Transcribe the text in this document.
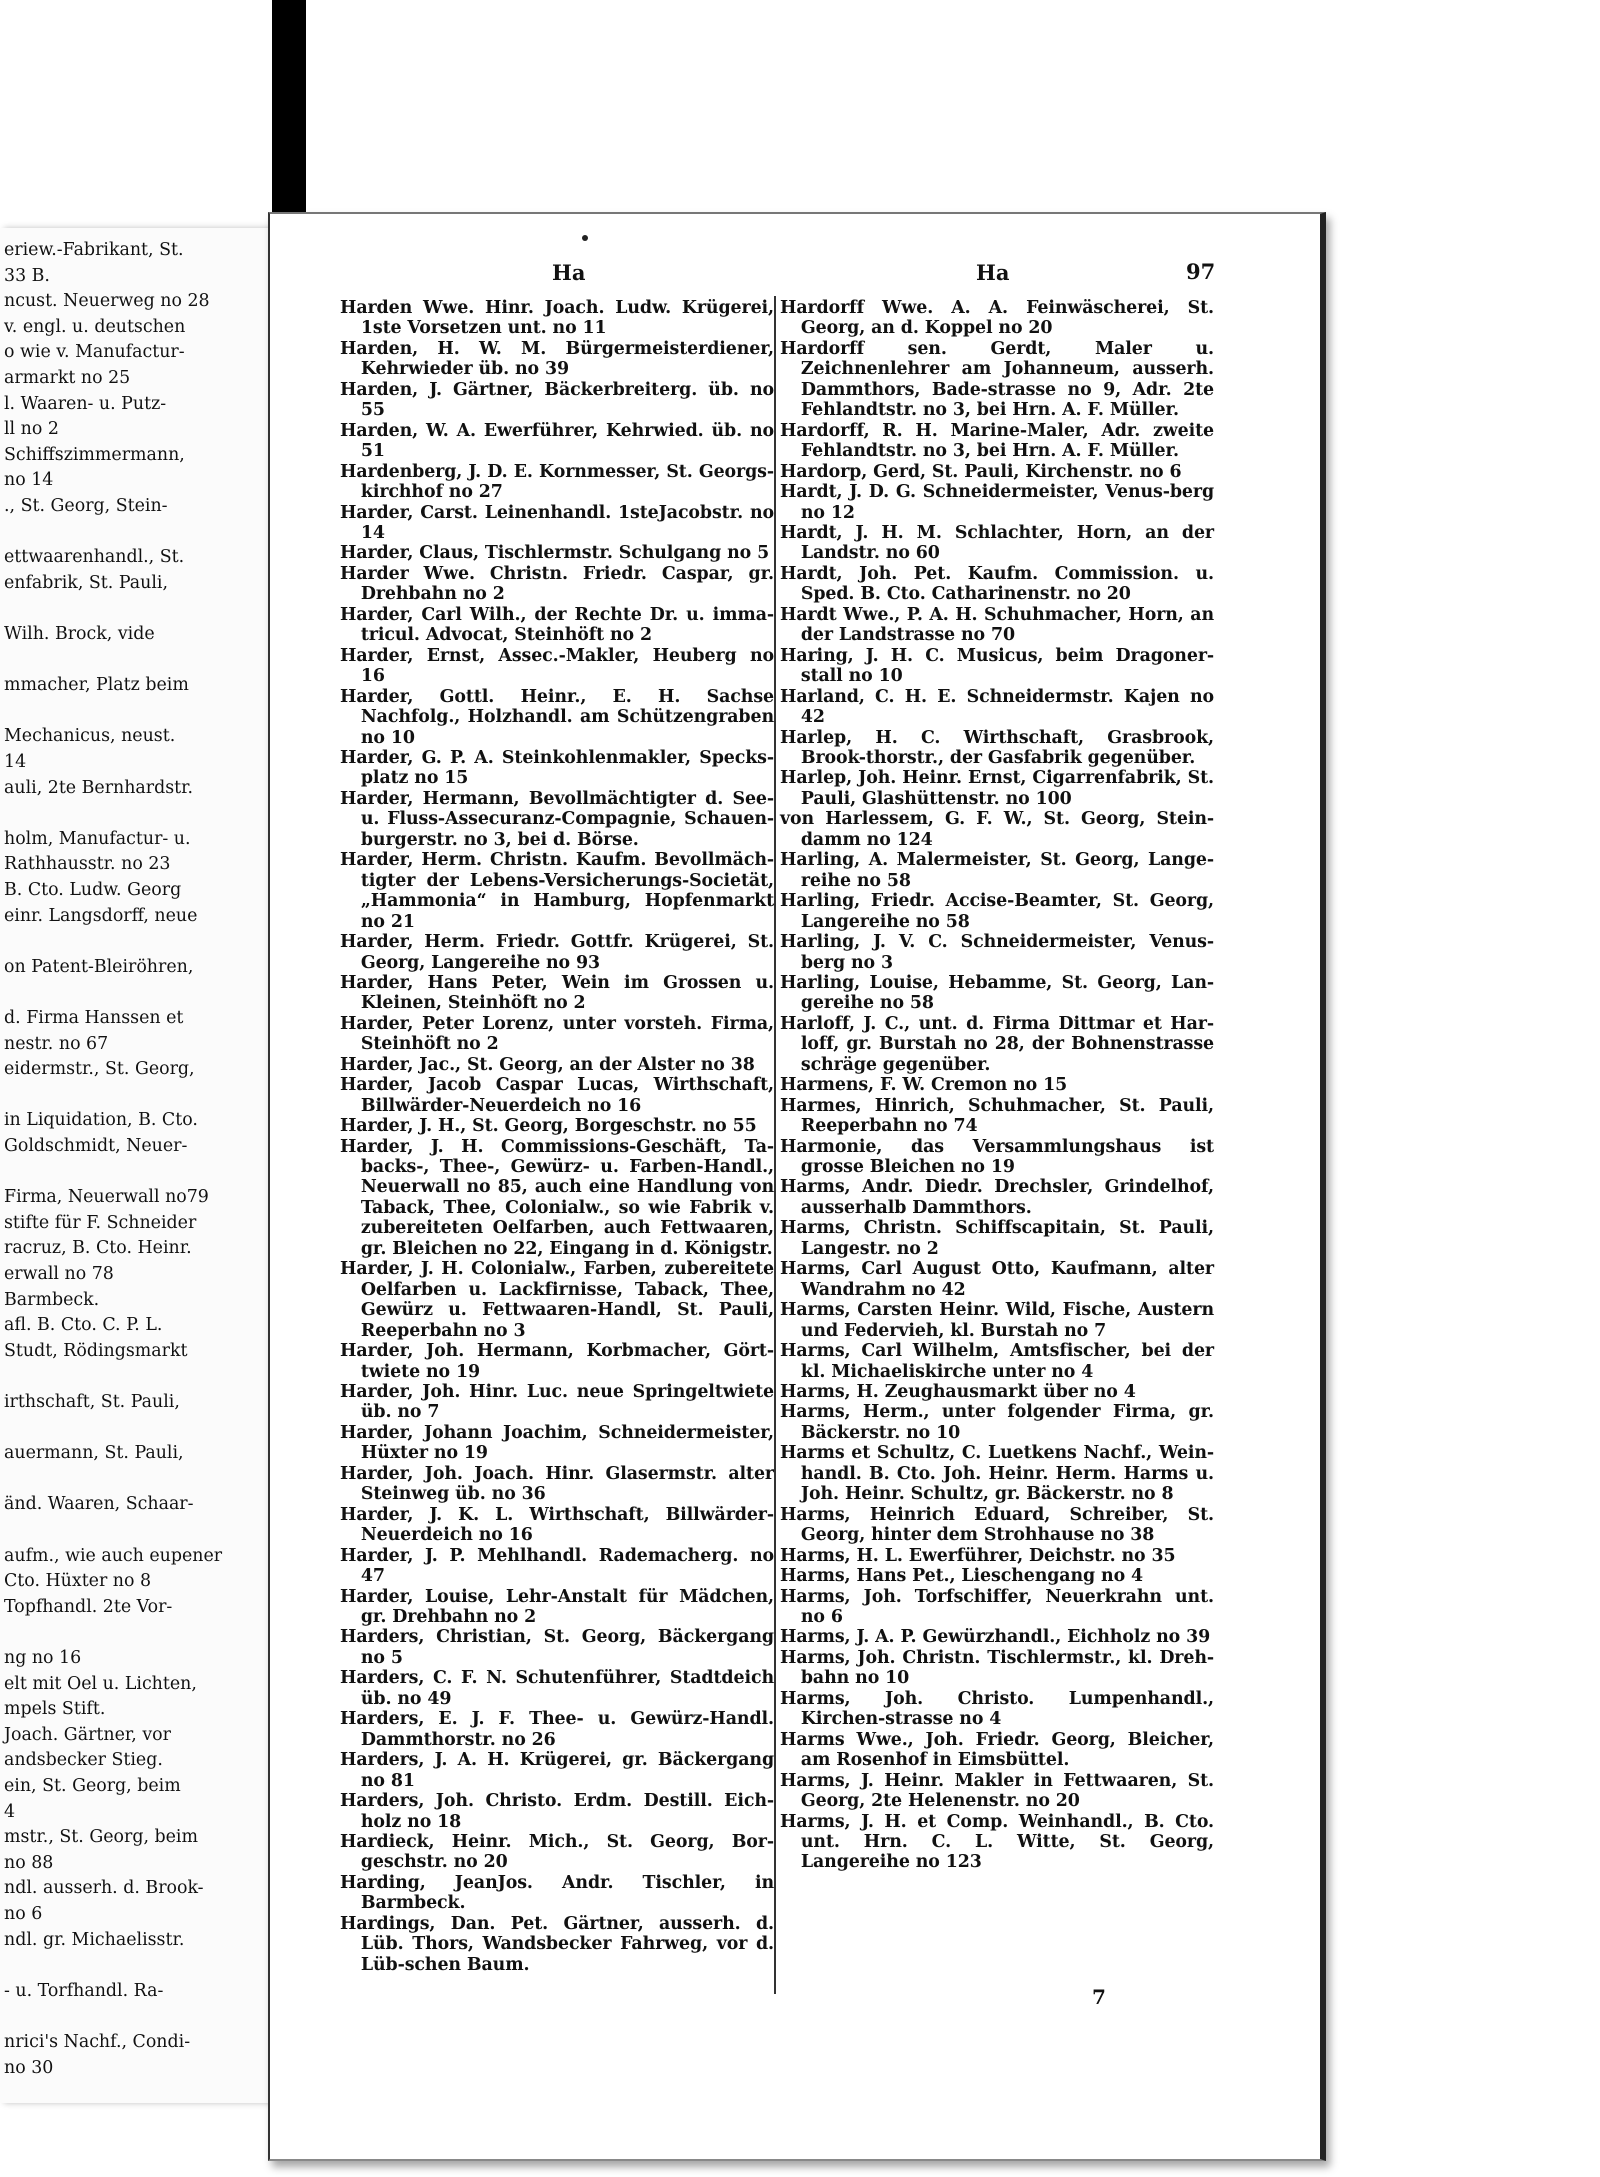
eriew.-Fabrikant, St.
33 B.
ncust. Neuerweg no 28
v. engl. u. deutschen
o wie v. Manufactur-
armarkt no 25
l. Waaren- u. Putz-
ll no 2
Schiffszimmermann,
no 14
., St. Georg, Stein-
ettwaarenhandl., St.
enfabrik, St. Pauli,
Wilh. Brock, vide
mmacher, Platz beim
Mechanicus, neust.
14
auli, 2te Bernhardstr.
holm, Manufactur- u.
Rathhausstr. no 23
B. Cto. Ludw. Georg
einr. Langsdorff, neue
on Patent-Bleiröhren,
d. Firma Hanssen et
nestr. no 67
eidermstr., St. Georg,
in Liquidation, B. Cto.
Goldschmidt, Neuer-
Firma, Neuerwall no79
stifte für F. Schneider
racruz, B. Cto. Heinr.
erwall no 78
Barmbeck.
afl. B. Cto. C. P. L.
Studt, Rödingsmarkt
irthschaft, St. Pauli,
auermann, St. Pauli,
änd. Waaren, Schaar-
aufm., wie auch eupener
Cto. Hüxter no 8
Topfhandl. 2te Vor-
ng no 16
elt mit Oel u. Lichten,
mpels Stift.
Joach. Gärtner, vor
andsbecker Stieg.
ein, St. Georg, beim
4
mstr., St. Georg, beim
no 88
ndl. ausserh. d. Brook-
no 6
ndl. gr. Michaelisstr.
- u. Torfhandl. Ra-
nrici's Nachf., Condi-
no 30
Ha	Ha	97

Harden Wwe. Hinr. Joach. Ludw. Krügerei, 1ste Vorsetzen unt. no 11

Harden, H. W. M. Bürgermeisterdiener, Kehrwieder üb. no 39

Harden, J. Gärtner, Bäckerbreiterg. üb. no 55

Harden, W. A. Ewerführer, Kehrwied. üb. no 51

Hardenberg, J. D. E. Kornmesser, St. Georgs-kirchhof no 27

Harder, Carst. Leinenhandl. 1steJacobstr. no 14

Harder, Claus, Tischlermstr. Schulgang no 5

Harder Wwe. Christn. Friedr. Caspar, gr. Drehbahn no 2

Harder, Carl Wilh., der Rechte Dr. u. imma-tricul. Advocat, Steinhöft no 2

Harder, Ernst, Assec.-Makler, Heuberg no 16

Harder, Gottl. Heinr., E. H. Sachse Nachfolg., Holzhandl. am Schützengraben no 10

Harder, G. P. A. Steinkohlenmakler, Specks-platz no 15

Harder, Hermann, Bevollmächtigter d. See-u. Fluss-Assecuranz-Compagnie, Schauen-burgerstr. no 3, bei d. Börse.

Harder, Herm. Christn. Kaufm. Bevollmäch-tigter der Lebens-Versicherungs-Societät, „Hammonia“ in Hamburg, Hopfenmarkt no 21

Harder, Herm. Friedr. Gottfr. Krügerei, St. Georg, Langereihe no 93

Harder, Hans Peter, Wein im Grossen u. Kleinen, Steinhöft no 2

Harder, Peter Lorenz, unter vorsteh. Firma, Steinhöft no 2

Harder, Jac., St. Georg, an der Alster no 38

Harder, Jacob Caspar Lucas, Wirthschaft, Billwärder-Neuerdeich no 16

Harder, J. H., St. Georg, Borgeschstr. no 55

Harder, J. H. Commissions-Geschäft, Ta-backs-, Thee-, Gewürz- u. Farben-Handl., Neuerwall no 85, auch eine Handlung von Taback, Thee, Colonialw., so wie Fabrik v. zubereiteten Oelfarben, auch Fettwaaren, gr. Bleichen no 22, Eingang in d. Königstr.

Harder, J. H. Colonialw., Farben, zubereitete Oelfarben u. Lackfirnisse, Taback, Thee, Gewürz u. Fettwaaren-Handl, St. Pauli, Reeperbahn no 3

Harder, Joh. Hermann, Korbmacher, Gört-twiete no 19

Harder, Joh. Hinr. Luc. neue Springeltwiete üb. no 7

Harder, Johann Joachim, Schneidermeister, Hüxter no 19

Harder, Joh. Joach. Hinr. Glasermstr. alter Steinweg üb. no 36

Harder, J. K. L. Wirthschaft, Billwärder-Neuerdeich no 16

Harder, J. P. Mehlhandl. Rademacherg. no 47

Harder, Louise, Lehr-Anstalt für Mädchen, gr. Drehbahn no 2

Harders, Christian, St. Georg, Bäckergang no 5

Harders, C. F. N. Schutenführer, Stadtdeich üb. no 49

Harders, E. J. F. Thee- u. Gewürz-Handl. Dammthorstr. no 26

Harders, J. A. H. Krügerei, gr. Bäckergang no 81

Harders, Joh. Christo. Erdm. Destill. Eich-holz no 18

Hardieck, Heinr. Mich., St. Georg, Bor-geschstr. no 20

Harding, JeanJos. Andr. Tischler, in Barmbeck.

Hardings, Dan. Pet. Gärtner, ausserh. d. Lüb. Thors, Wandsbecker Fahrweg, vor d. Lüb-schen Baum.

Hardorff Wwe. A. A. Feinwäscherei, St. Georg, an d. Koppel no 20

Hardorff sen. Gerdt, Maler u. Zeichnenlehrer am Johanneum, ausserh. Dammthors, Bade-strasse no 9, Adr. 2te Fehlandtstr. no 3, bei Hrn. A. F. Müller.

Hardorff, R. H. Marine-Maler, Adr. zweite Fehlandtstr. no 3, bei Hrn. A. F. Müller.

Hardorp, Gerd, St. Pauli, Kirchenstr. no 6

Hardt, J. D. G. Schneidermeister, Venus-berg no 12

Hardt, J. H. M. Schlachter, Horn, an der Landstr. no 60

Hardt, Joh. Pet. Kaufm. Commission. u. Sped. B. Cto. Catharinenstr. no 20

Hardt Wwe., P. A. H. Schuhmacher, Horn, an der Landstrasse no 70

Haring, J. H. C. Musicus, beim Dragoner-stall no 10

Harland, C. H. E. Schneidermstr. Kajen no 42

Harlep, H. C. Wirthschaft, Grasbrook, Brook-thorstr., der Gasfabrik gegenüber.

Harlep, Joh. Heinr. Ernst, Cigarrenfabrik, St. Pauli, Glashüttenstr. no 100

von Harlessem, G. F. W., St. Georg, Stein-damm no 124

Harling, A. Malermeister, St. Georg, Lange-reihe no 58

Harling, Friedr. Accise-Beamter, St. Georg, Langereihe no 58

Harling, J. V. C. Schneidermeister, Venus-berg no 3

Harling, Louise, Hebamme, St. Georg, Lan-gereihe no 58

Harloff, J. C., unt. d. Firma Dittmar et Har-loff, gr. Burstah no 28, der Bohnenstrasse schräge gegenüber.

Harmens, F. W. Cremon no 15

Harmes, Hinrich, Schuhmacher, St. Pauli, Reeperbahn no 74

Harmonie, das Versammlungshaus ist grosse Bleichen no 19

Harms, Andr. Diedr. Drechsler, Grindelhof, ausserhalb Dammthors.

Harms, Christn. Schiffscapitain, St. Pauli, Langestr. no 2

Harms, Carl August Otto, Kaufmann, alter Wandrahm no 42

Harms, Carsten Heinr. Wild, Fische, Austern und Federvieh, kl. Burstah no 7

Harms, Carl Wilhelm, Amtsfischer, bei der kl. Michaeliskirche unter no 4

Harms, H. Zeughausmarkt über no 4

Harms, Herm., unter folgender Firma, gr. Bäckerstr. no 10

Harms et Schultz, C. Luetkens Nachf., Wein-handl. B. Cto. Joh. Heinr. Herm. Harms u. Joh. Heinr. Schultz, gr. Bäckerstr. no 8

Harms, Heinrich Eduard, Schreiber, St. Georg, hinter dem Strohhause no 38

Harms, H. L. Ewerführer, Deichstr. no 35

Harms, Hans Pet., Lieschengang no 4

Harms, Joh. Torfschiffer, Neuerkrahn unt. no 6

Harms, J. A. P. Gewürzhandl., Eichholz no 39

Harms, Joh. Christn. Tischlermstr., kl. Dreh-bahn no 10

Harms, Joh. Christo. Lumpenhandl., Kirchen-strasse no 4

Harms Wwe., Joh. Friedr. Georg, Bleicher, am Rosenhof in Eimsbüttel.

Harms, J. Heinr. Makler in Fettwaaren, St. Georg, 2te Helenenstr. no 20

Harms, J. H. et Comp. Weinhandl., B. Cto. unt. Hrn. C. L. Witte, St. Georg, Langereihe no 123

7
